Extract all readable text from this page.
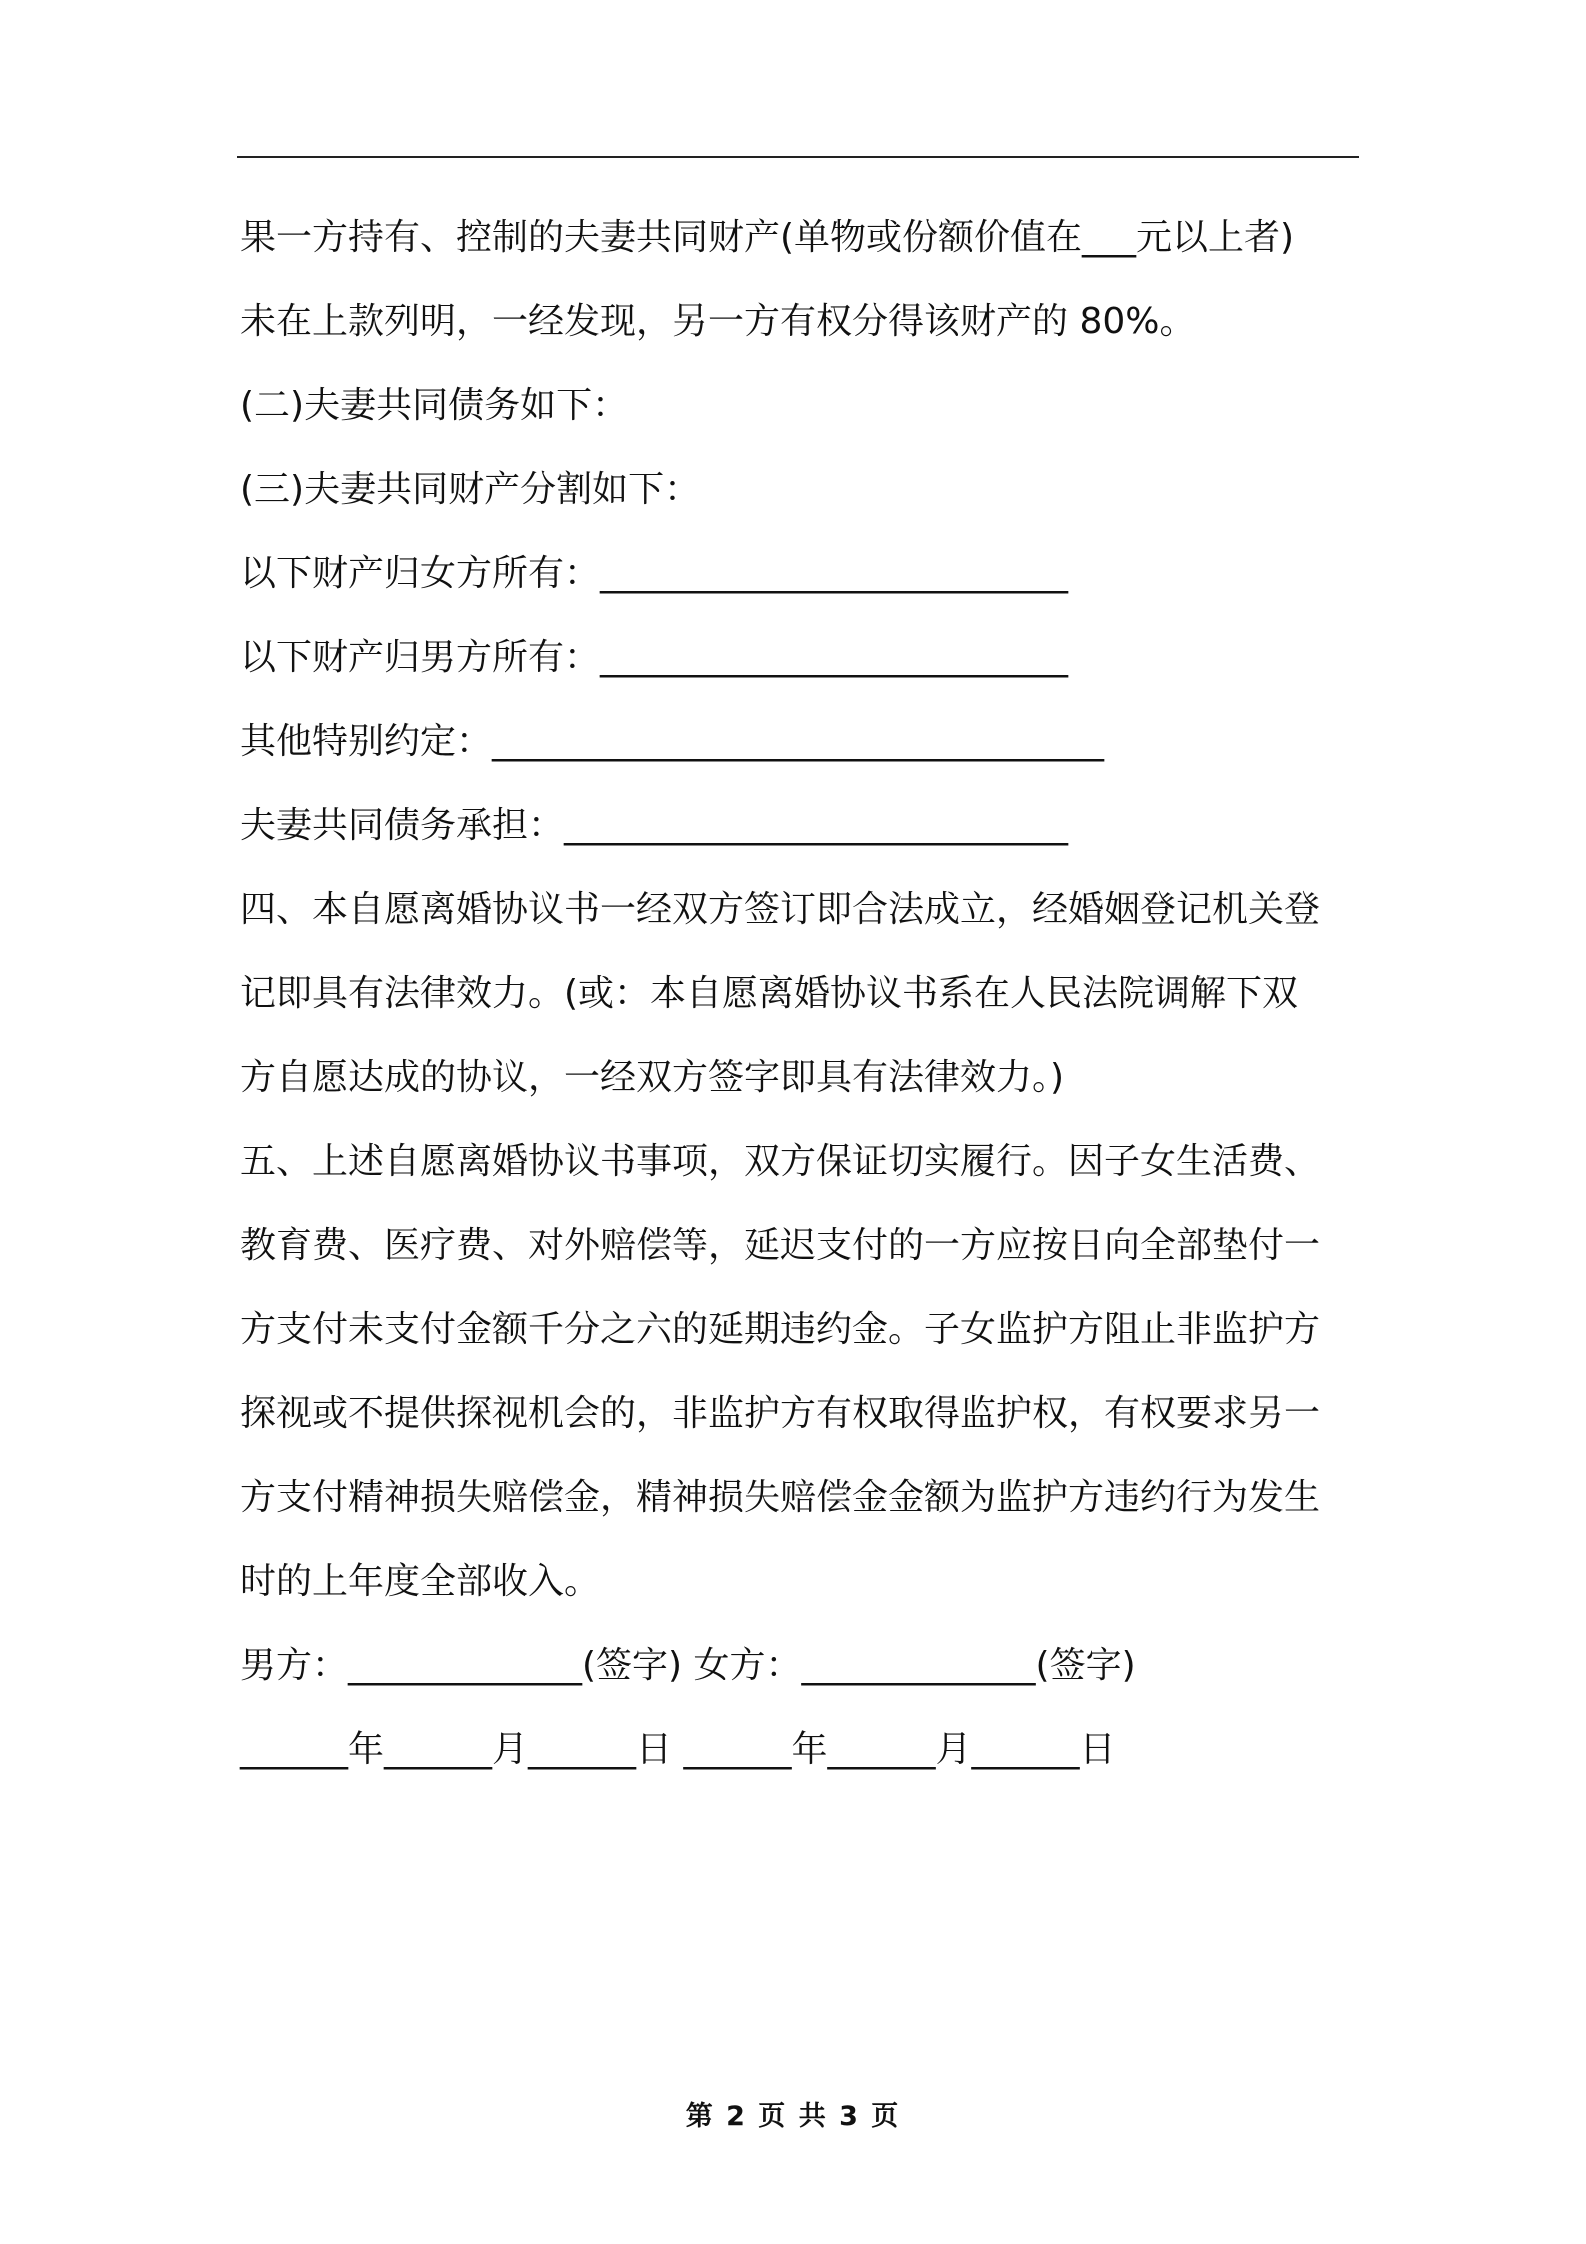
果一方持有、控制的夫妻共同财产(单物或份额价值在___元以上者)
未在上款列明，一经发现，另一方有权分得该财产的 80%。
(二)夫妻共同债务如下：
(三)夫妻共同财产分割如下：
以下财产归女方所有：__________________________
以下财产归男方所有：__________________________
其他特别约定：__________________________________
夫妻共同债务承担：____________________________
四、本自愿离婚协议书一经双方签订即合法成立，经婚姻登记机关登
记即具有法律效力。(或：本自愿离婚协议书系在人民法院调解下双
方自愿达成的协议，一经双方签字即具有法律效力。)
五、上述自愿离婚协议书事项，双方保证切实履行。因子女生活费、
教育费、医疗费、对外赔偿等，延迟支付的一方应按日向全部垫付一
方支付未支付金额千分之六的延期违约金。子女监护方阻止非监护方
探视或不提供探视机会的，非监护方有权取得监护权，有权要求另一
方支付精神损失赔偿金，精神损失赔偿金金额为监护方违约行为发生
时的上年度全部收入。
男方：_____________(签字) 女方：_____________(签字)
______年______月______日 ______年______月______日
第 2 页 共 3 页
